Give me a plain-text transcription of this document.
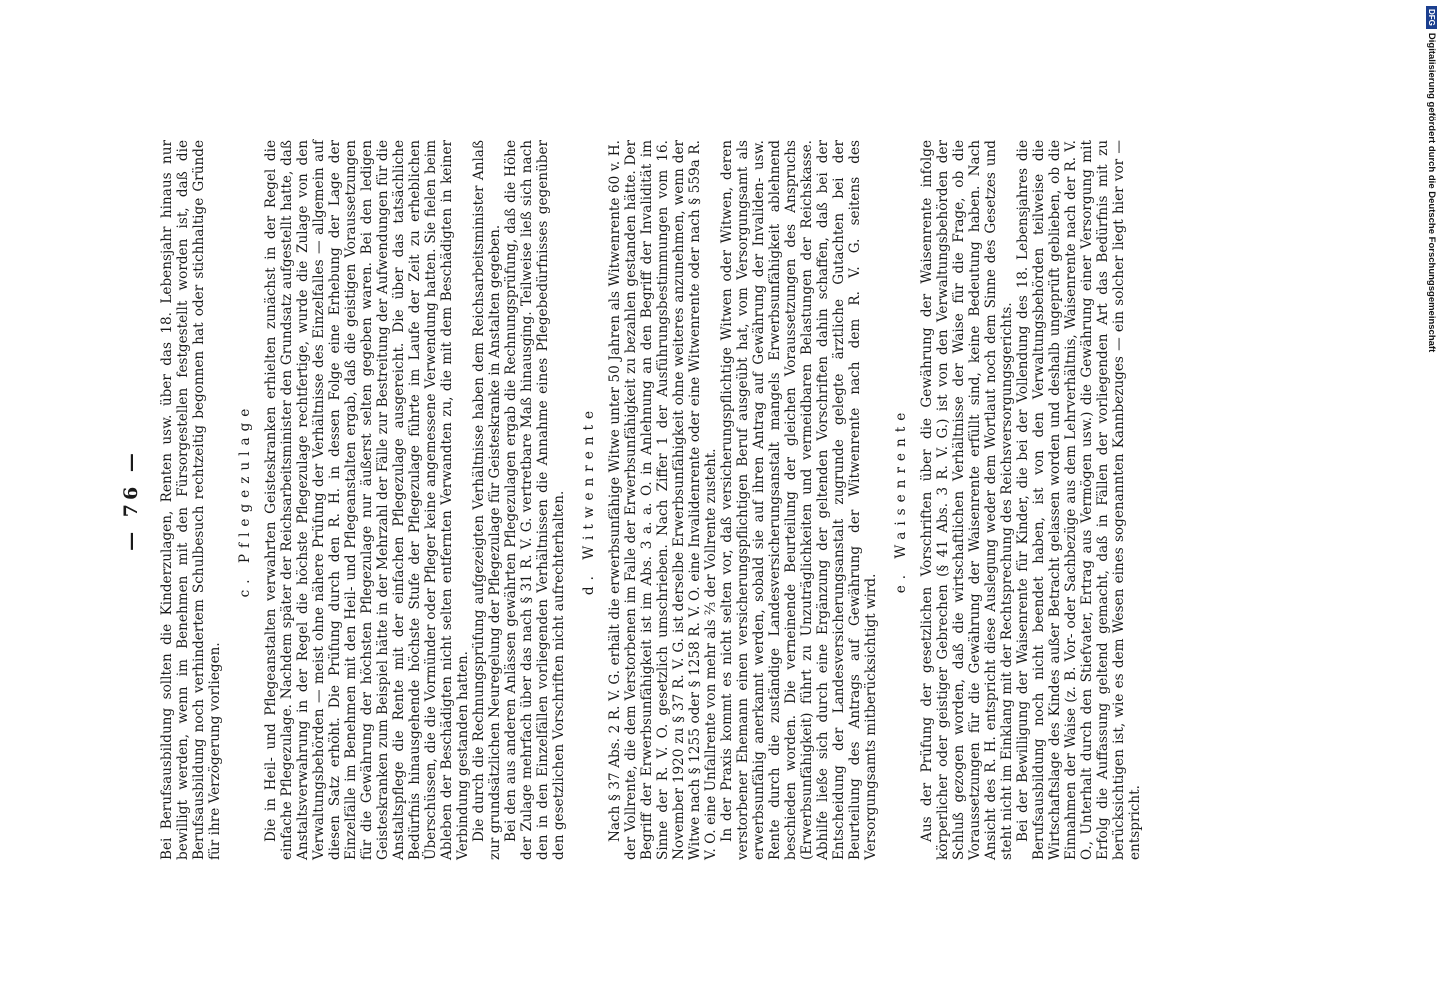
— 76 —	Bei Berufsausbildung sollten die Kinderzulagen, Renten usw. über das 18. Lebensjahr hinaus nur bewilligt werden, wenn im Benehmen mit den Fürsorgestellen festgestellt worden ist, daß die Berufsausbildung noch verhindertem Schulbesuch rechtzeitig begonnen hat oder stichhaltige Gründe für ihre Verzögerung vorliegen.

c. Pflegezulage Die in Heil- und Pflegeanstalten verwahrten Geisteskranken erhielten zunächst in der Regel die einfache Pflegezulage. Nachdem später der Reichsarbeitsminister den Grundsatz aufgestellt hatte, daß Anstaltsverwahrung in der Regel die höchste Pflegezulage rechtfertige, wurde die Zulage von den Verwaltungsbehörden — meist ohne nähere Prüfung der Verhältnisse des Einzelfalles — allgemein auf diesen Satz erhöht. Die Prüfung durch den R. H. in dessen Folge eine Erhebung der Lage der Einzelfälle im Benehmen mit den Heil- und Pflegeanstalten ergab, daß die geistigen Voraussetzungen für die Gewährung der höchsten Pflegezulage nur äußerst selten gegeben waren. Bei den ledigen Geisteskranken zum Beispiel hätte in der Mehrzahl der Fälle zur Bestreitung der Aufwendungen für die Anstaltspflege die Rente mit der einfachen Pflegezulage ausgereicht. Die über das tatsächliche Bedürfnis hinausgehende höchste Stufe der Pflegezulage führte im Laufe der Zeit zu erheblichen Überschüssen, die die Vormünder oder Pfleger keine angemessene Verwendung hatten. Sie fielen beim Ableben der Beschädigten nicht selten entfernten Verwandten zu, die mit dem Beschädigten in keiner Verbindung gestanden hatten. Die durch die Rechnungsprüfung aufgezeigten Verhältnisse haben dem Reichsarbeitsminister Anlaß zur grundsätzlichen Neuregelung der Pflegezulage für Geisteskranke in Anstalten gegeben. Bei den aus anderen Anlässen gewährten Pflegezulagen ergab die Rechnungsprüfung, daß die Höhe der Zulage mehrfach über das nach § 31 R. V. G. vertretbare Maß hinausging. Teilweise ließ sich nach den in den Einzelfällen vorliegenden Verhältnissen die Annahme eines Pflegebedürfnisses gegenüber den gesetzlichen Vorschriften nicht aufrechterhalten. d. Witwenrente Nach § 37 Abs. 2 R. V. G. erhält die erwerbsunfähige Witwe unter 50 Jahren als Witwenrente 60 v. H. der Vollrente, die dem Verstorbenen im Falle der Erwerbsunfähigkeit zu bezahlen gestanden hätte. Der Begriff der Erwerbsunfähigkeit ist im Abs. 3 a. a. O. in Anlehnung an den Begriff der Invalidität im Sinne der R. V. O. gesetzlich umschrieben. Nach Ziffer 1 der Ausführungsbestimmungen vom 16. November 1920 zu § 37 R. V. G. ist derselbe Erwerbsunfähigkeit ohne weiteres anzunehmen, wenn der Witwe nach § 1255 oder § 1258 R. V. O. eine Invalidenrente oder eine Witwenrente oder nach § 559a R. V. O. eine Unfallrente von mehr als ⅔ der Vollrente zusteht. In der Praxis kommt es nicht selten vor, daß versicherungspflichtige Witwen oder Witwen, deren verstorbener Ehemann einen versicherungspflichtigen Beruf ausgeübt hat, vom Versorgungsamt als erwerbsunfähig anerkannt werden, sobald sie auf ihren Antrag auf Gewährung der Invaliden- usw. Rente durch die zuständige Landesversicherungsanstalt mangels Erwerbsunfähigkeit ablehnend beschieden worden. Die verneinende Beurteilung der gleichen Voraussetzungen des Anspruchs (Erwerbsunfähigkeit) führt zu Unzuträglichkeiten und vermeidbaren Belastungen der Reichskasse. Abhilfe ließe sich durch eine Ergänzung der geltenden Vorschriften dahin schaffen, daß bei der Entscheidung der Landesversicherungsanstalt zugrunde gelegte ärztliche Gutachten bei der Beurteilung des Antrags auf Gewährung der Witwenrente nach dem R. V. G. seitens des Versorgungsamts mitberücksichtigt wird.

e. Waisenrente Aus der Prüfung der gesetzlichen Vorschriften über die Gewährung der Waisenrente infolge körperlicher oder geistiger Gebrechen (§ 41 Abs. 3 R. V. G.) ist von den Verwaltungsbehörden der Schluß gezogen worden, daß die wirtschaftlichen Verhältnisse der Waise für die Frage, ob die Voraussetzungen für die Gewährung der Waisenrente erfüllt sind, keine Bedeutung haben. Nach Ansicht des R. H. entspricht diese Auslegung weder dem Wortlaut noch dem Sinne des Gesetzes und steht nicht im Einklang mit der Rechtsprechung des Reichsversorgungsgerichts. Bei der Bewilligung der Waisenrente für Kinder, die bei der Vollendung des 18. Lebensjahres die Berufsausbildung noch nicht beendet haben, ist von den Verwaltungsbehörden teilweise die Wirtschaftslage des Kindes außer Betracht gelassen worden und deshalb ungeprüft geblieben, ob die Einnahmen der Waise (z. B. Vor- oder Sachbezüge aus dem Lehrverhältnis, Waisenrente nach der R. V. O., Unterhalt durch den Stiefvater, Ertrag aus Vermögen usw.) die Gewährung einer Versorgung mit Erfolg die Auffassung geltend gemacht, daß in Fällen der vorliegenden Art das Bedürfnis mit zu berücksichtigen ist, wie es dem Wesen eines sogenannten Kannbezuges — ein solcher liegt hier vor — entspricht.

DFG
Digitalisierung gefördert durch die Deutsche Forschungsgemeinschaft
